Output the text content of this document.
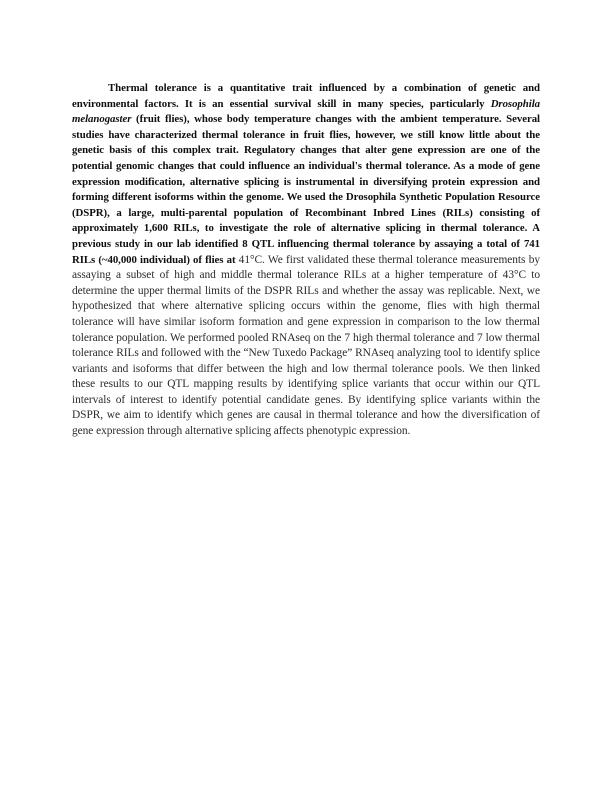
Thermal tolerance is a quantitative trait influenced by a combination of genetic and environmental factors. It is an essential survival skill in many species, particularly Drosophila melanogaster (fruit flies), whose body temperature changes with the ambient temperature. Several studies have characterized thermal tolerance in fruit flies, however, we still know little about the genetic basis of this complex trait. Regulatory changes that alter gene expression are one of the potential genomic changes that could influence an individual's thermal tolerance. As a mode of gene expression modification, alternative splicing is instrumental in diversifying protein expression and forming different isoforms within the genome. We used the Drosophila Synthetic Population Resource (DSPR), a large, multi-parental population of Recombinant Inbred Lines (RILs) consisting of approximately 1,600 RILs, to investigate the role of alternative splicing in thermal tolerance. A previous study in our lab identified 8 QTL influencing thermal tolerance by assaying a total of 741 RILs (~40,000 individual) of flies at 41°C. We first validated these thermal tolerance measurements by assaying a subset of high and middle thermal tolerance RILs at a higher temperature of 43°C to determine the upper thermal limits of the DSPR RILs and whether the assay was replicable. Next, we hypothesized that where alternative splicing occurs within the genome, flies with high thermal tolerance will have similar isoform formation and gene expression in comparison to the low thermal tolerance population. We performed pooled RNAseq on the 7 high thermal tolerance and 7 low thermal tolerance RILs and followed with the “New Tuxedo Package” RNAseq analyzing tool to identify splice variants and isoforms that differ between the high and low thermal tolerance pools. We then linked these results to our QTL mapping results by identifying splice variants that occur within our QTL intervals of interest to identify potential candidate genes. By identifying splice variants within the DSPR, we aim to identify which genes are causal in thermal tolerance and how the diversification of gene expression through alternative splicing affects phenotypic expression.
